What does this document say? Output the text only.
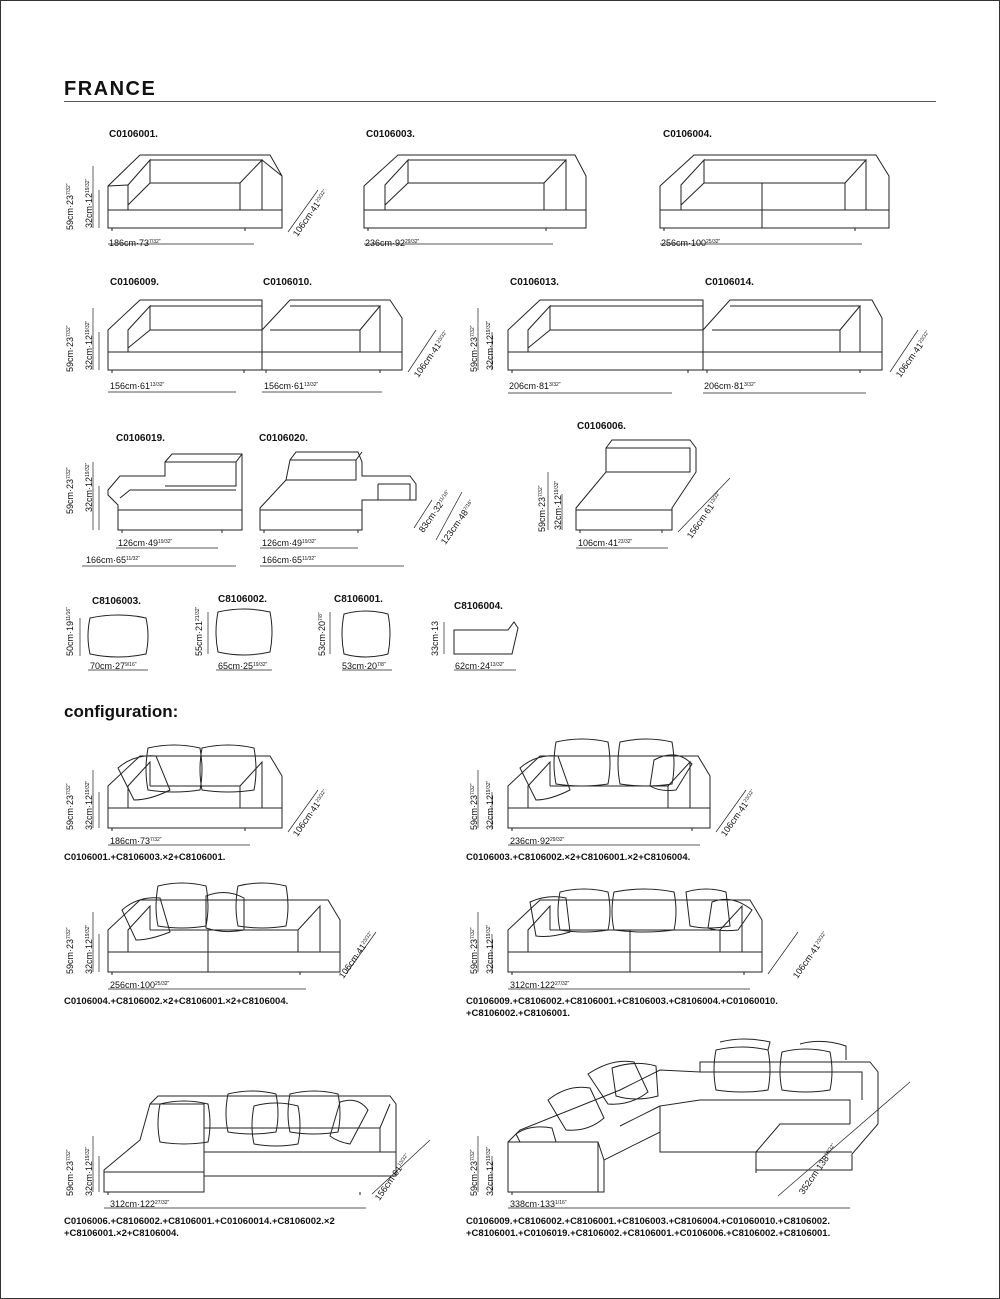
FRANCE
C0106001.
$186cm\cdot 73^{7/32"}$
$59cm\cdot 23^{7/32"}$
$32cm\cdot 12^{19/32"}$
$106cm\cdot 41^{23/32"}$
C0106003.
$236cm\cdot 92^{29/32"}$
C0106004.
$256cm\cdot 100^{25/32"}$
C0106009.
$156cm\cdot 61^{13/32"}$
$59cm\cdot 23^{7/32"}$
$32cm\cdot 12^{19/32"}$
C0106010.
$156cm\cdot 61^{13/32"}$
$106cm\cdot 41^{23/32"}$
C0106013.
$206cm\cdot 81^{3/32"}$
$59cm\cdot 23^{7/32"}$
$32cm\cdot 12^{19/32"}$
C0106014.
$206cm\cdot 81^{3/32"}$
$106cm\cdot 41^{23/32"}$
C0106019.
$126cm\cdot 49^{19/32"}$
$166cm\cdot 65^{11/32"}$
$59cm\cdot 23^{7/32"}$
$32cm\cdot 12^{19/32"}$
C0106020.
$126cm\cdot 49^{19/32"}$
$166cm\cdot 65^{11/32"}$
$83cm\cdot 32^{11/16"}$
$123cm\cdot 48^{7/16"}$
C0106006.
$106cm\cdot 41^{23/32"}$
$59cm\cdot 23^{7/32"}$
$32cm\cdot 12^{19/32"}$
$156cm\cdot 61^{13/32"}$
C8106003.
$70cm\cdot 27^{9/16"}$
$50cm\cdot 19^{11/16"}$
C8106002.
$65cm\cdot 25^{19/32"}$
$55cm\cdot 21^{21/32"}$
C8106001.
$53cm\cdot 20^{7/8"}$
$53cm\cdot 20^{7/8"}$
C8106004.
$62cm\cdot 24^{13/32"}$
33cm·13
configuration:
$186cm\cdot 73^{7/32"}$
$59cm\cdot 23^{7/32"}$
$32cm\cdot 12^{19/32"}$
$106cm\cdot 41^{23/32"}$
C0106001.+C8106003.×2+C8106001.
$236cm\cdot 92^{29/32"}$
$59cm\cdot 23^{7/32"}$
$32cm\cdot 12^{19/32"}$
$106cm\cdot 41^{23/32"}$
C0106003.+C8106002.×2+C8106001.×2+C8106004.
$256cm\cdot 100^{25/32"}$
$59cm\cdot 23^{7/32"}$
$32cm\cdot 12^{19/32"}$
$106cm\cdot 41^{23/32"}$
C0106004.+C8106002.×2+C8106001.×2+C8106004.
$312cm\cdot 122^{27/32"}$
$59cm\cdot 23^{7/32"}$
$32cm\cdot 12^{19/32"}$
$106cm\cdot 41^{23/32"}$
C0106009.+C8106002.+C8106001.+C8106003.+C8106004.+C01060010.
+C8106002.+C8106001.
$312cm\cdot 122^{27/32"}$
$59cm\cdot 23^{7/32"}$
$32cm\cdot 12^{19/32"}$
$156cm\cdot 61^{13/32"}$
C0106006.+C8106002.+C8106001.+C01060014.+C8106002.×2
+C8106001.×2+C8106004.
$338cm\cdot 133^{1/16"}$
$59cm\cdot 23^{7/32"}$
$32cm\cdot 12^{19/32"}$	$352cm\cdot 138^{19/32"}$
C0106009.+C8106002.+C8106001.+C8106003.+C8106004.+C01060010.+C8106002.
+C8106001.+C0106019.+C8106002.+C8106001.+C0106006.+C8106002.+C8106001.
